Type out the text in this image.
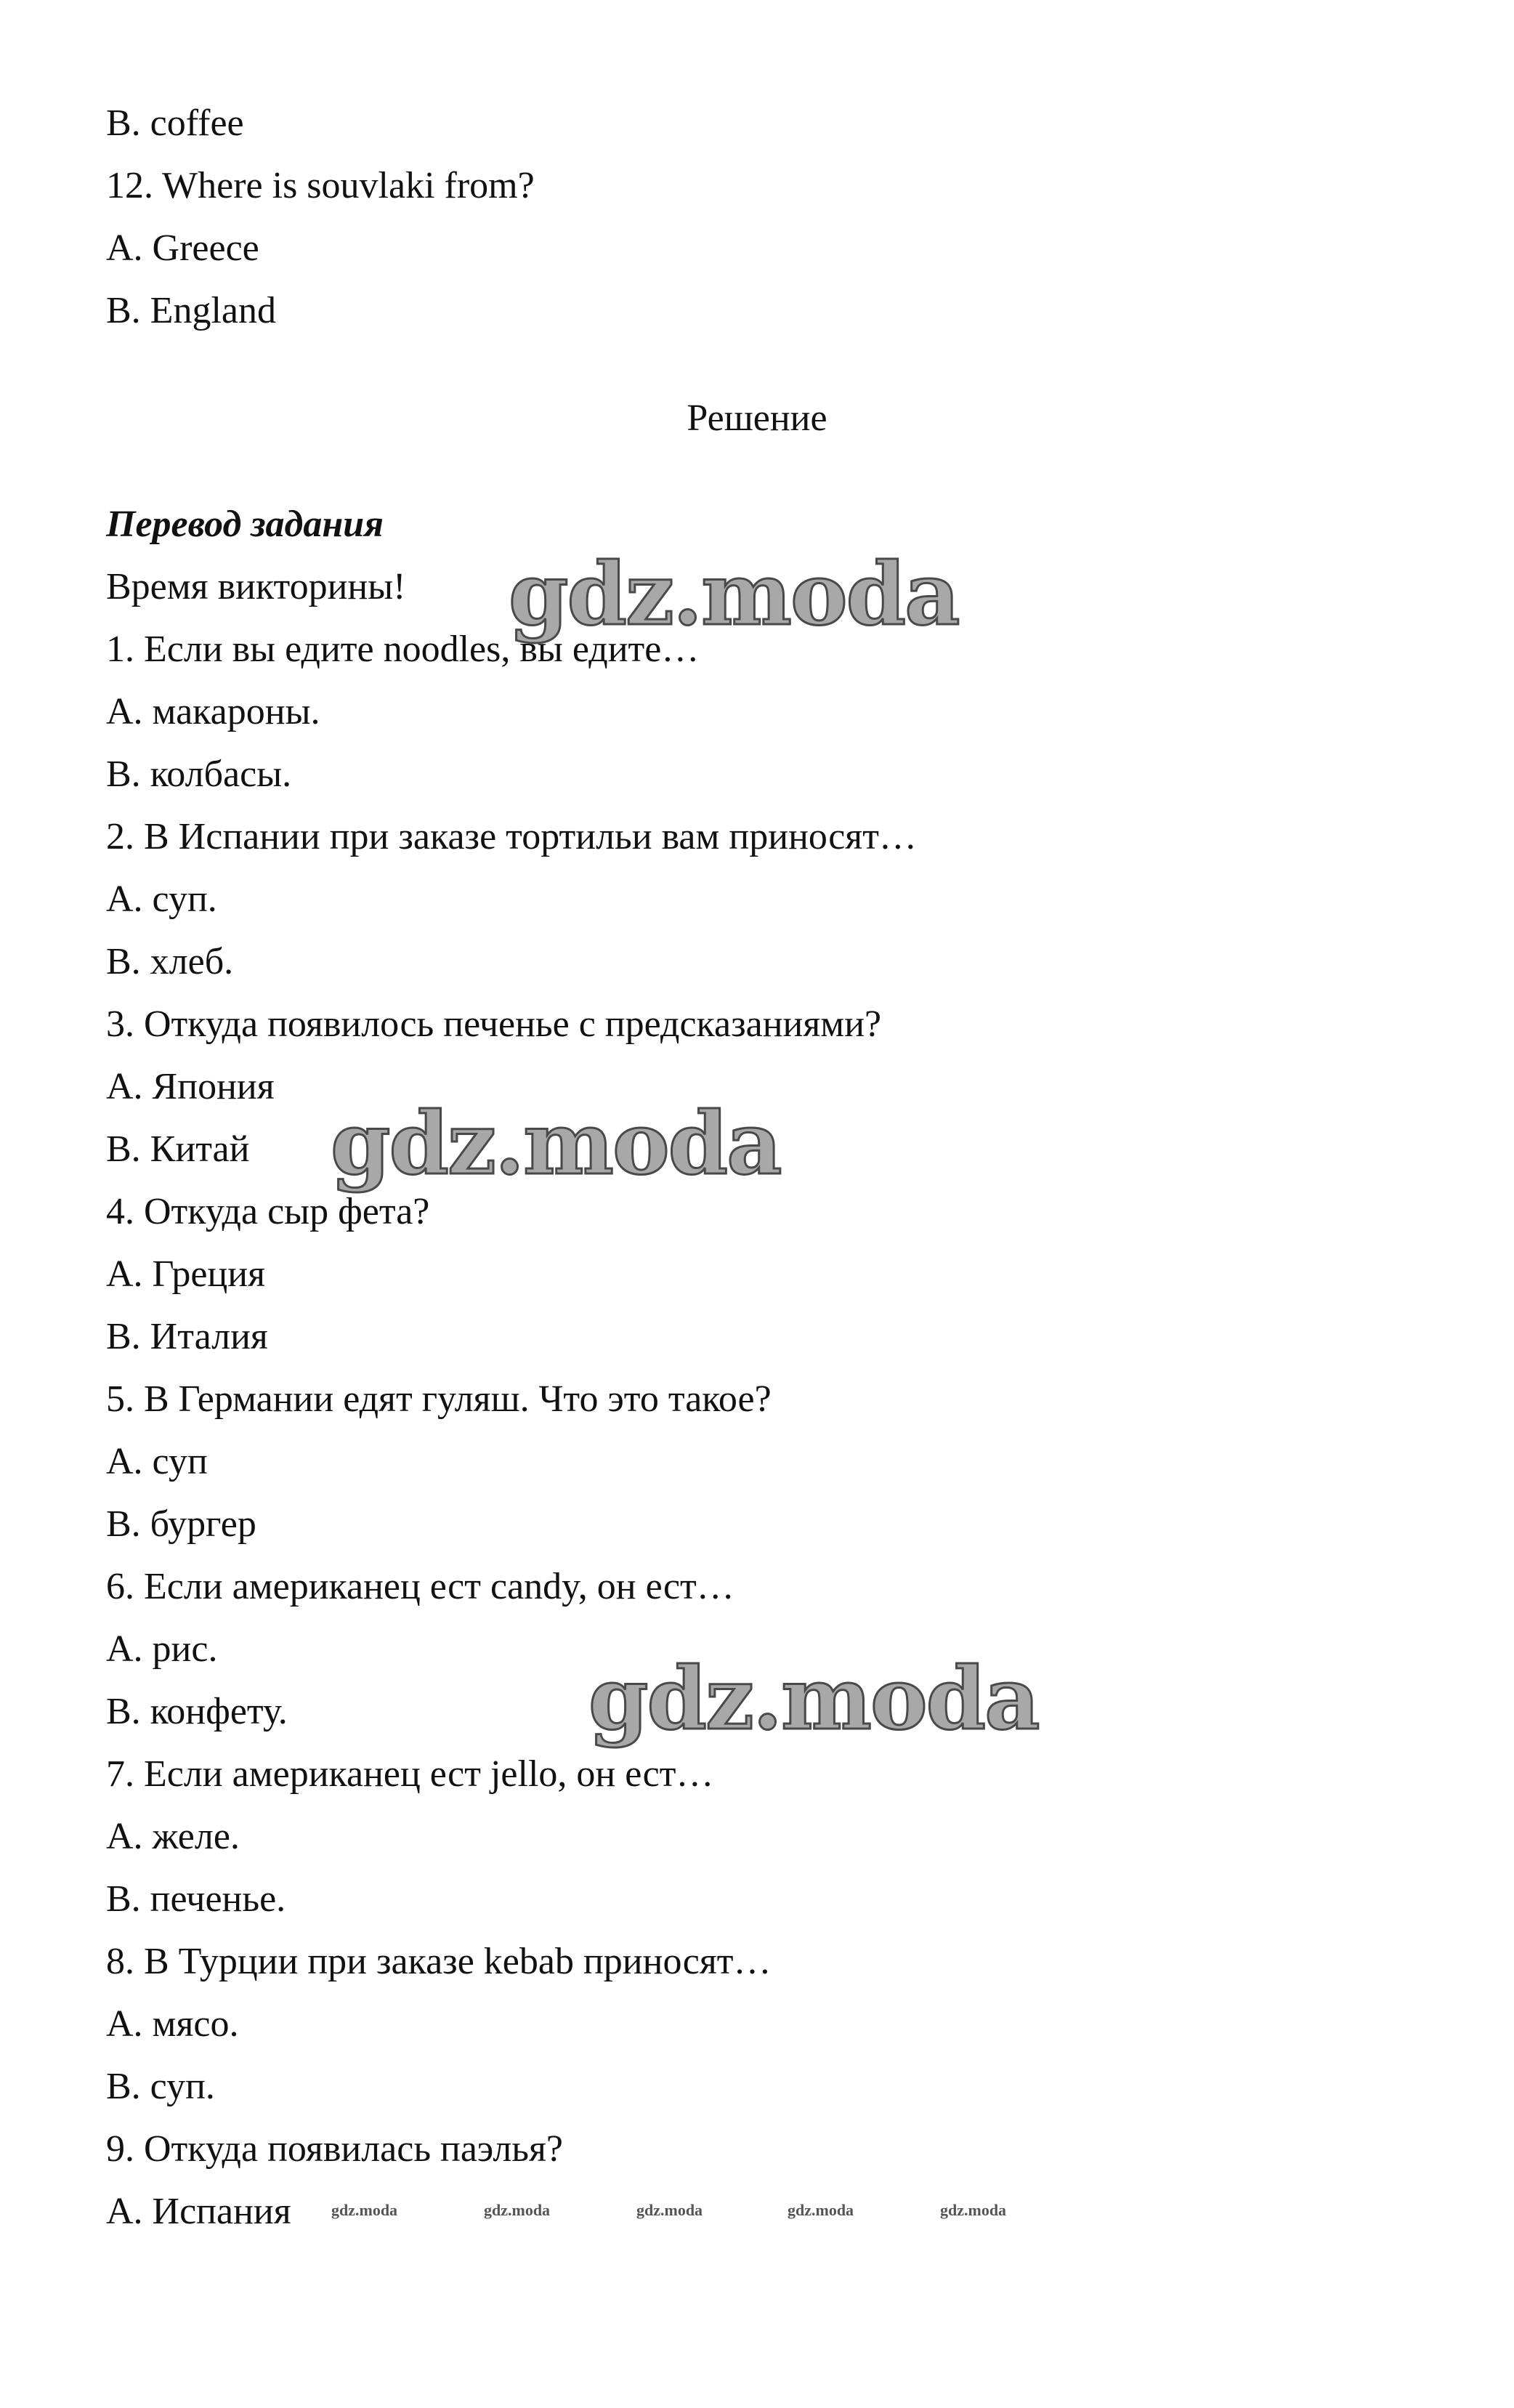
B. coffee
12. Where is souvlaki from?
A. Greece
B. England
Решение
Перевод задания
Время викторины!
1. Если вы едите noodles, вы едите…
A. макароны.
B. колбасы.
2. В Испании при заказе тортильи вам приносят…
A. суп.
B. хлеб.
3. Откуда появилось печенье с предсказаниями?
A. Япония
B. Китай
4. Откуда сыр фета?
A. Греция
B. Италия
5. В Германии едят гуляш. Что это такое?
A. суп
B. бургер
6. Если американец ест candy, он ест…
A. рис.
B. конфету.
7. Если американец ест jello, он ест…
A. желе.
B. печенье.
8. В Турции при заказе kebab приносят…
A. мясо.
B. суп.
9. Откуда появилась паэлья?
A. Испания
gdz.moda
gdz.moda
gdz.moda
gdz.moda	gdz.moda	gdz.moda	gdz.moda	gdz.moda
